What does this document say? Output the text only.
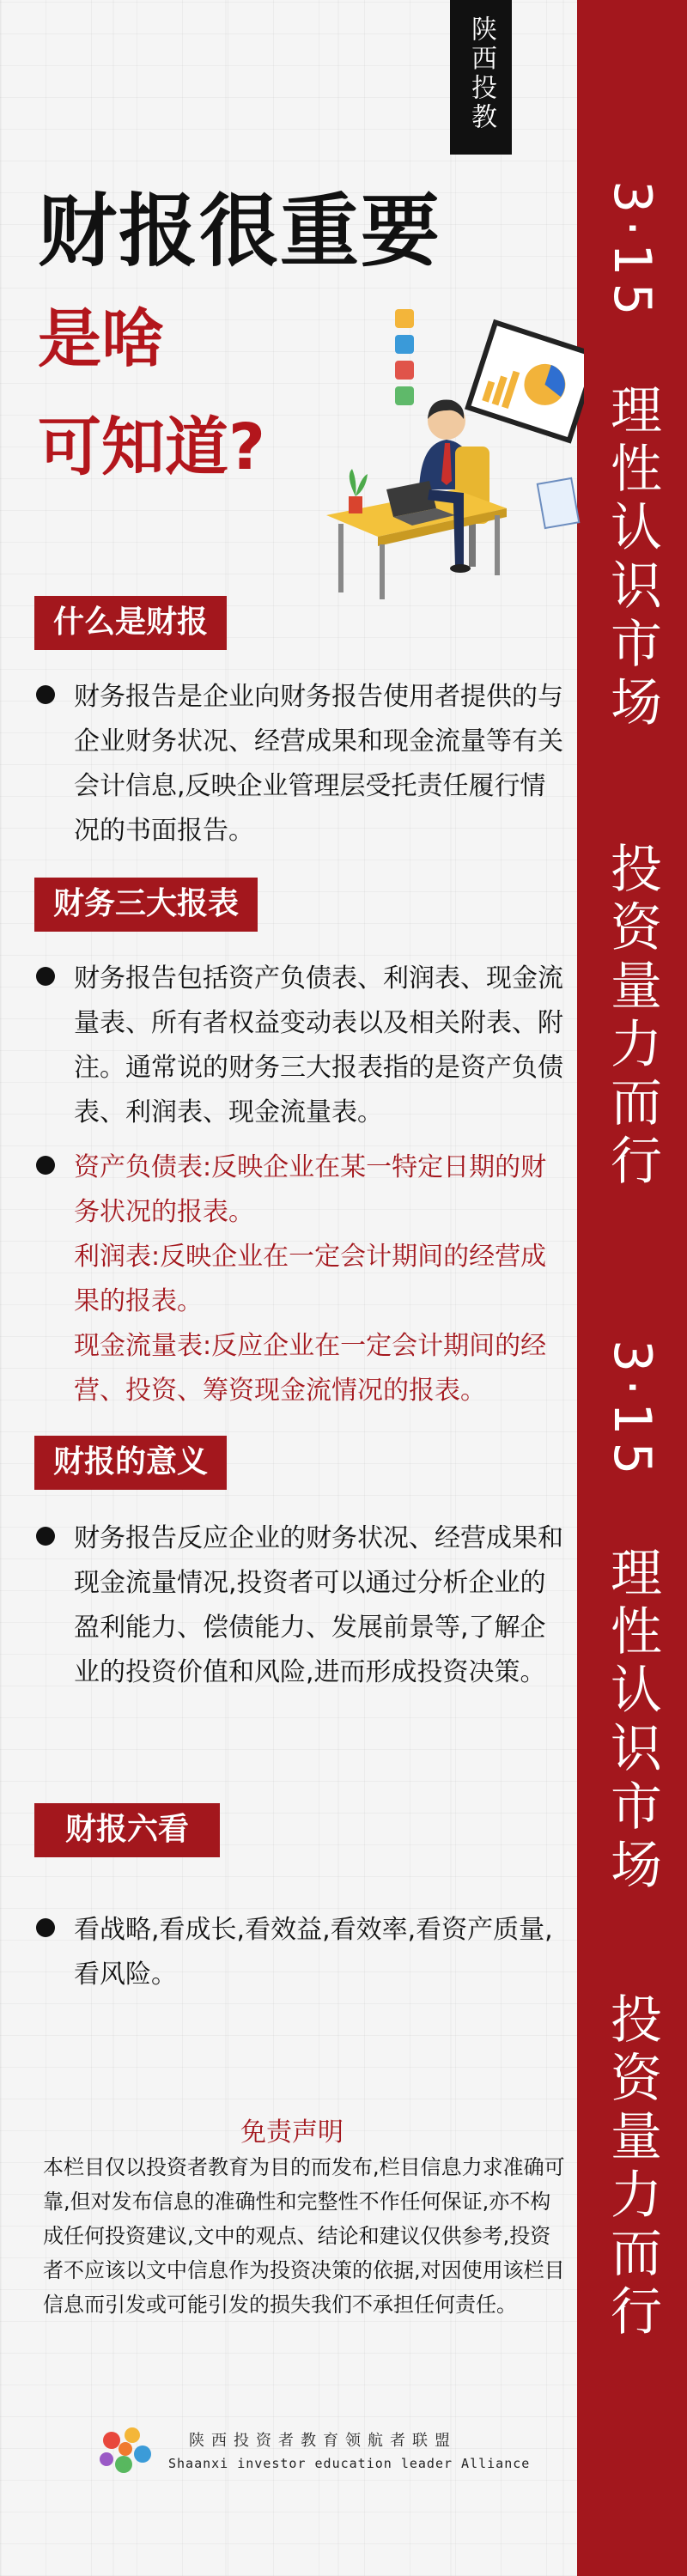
3·15
理性认识市场
投资量力而行
3·15
理性认识市场
投资量力而行
陕西投教
财报很重要
是啥
可知道?
什么是财报
财务报告是企业向财务报告使用者提供的与企业财务状况、经营成果和现金流量等有关会计信息,反映企业管理层受托责任履行情况的书面报告。
财务三大报表
财务报告包括资产负债表、利润表、现金流量表、所有者权益变动表以及相关附表、附注。通常说的财务三大报表指的是资产负债表、利润表、现金流量表。
资产负债表:反映企业在某一特定日期的财务状况的报表。
利润表:反映企业在一定会计期间的经营成果的报表。
现金流量表:反应企业在一定会计期间的经营、投资、筹资现金流情况的报表。
财报的意义
财务报告反应企业的财务状况、经营成果和现金流量情况,投资者可以通过分析企业的盈利能力、偿债能力、发展前景等,了解企业的投资价值和风险,进而形成投资决策。
财报六看
看战略,看成长,看效益,看效率,看资产质量,看风险。
免责声明
本栏目仅以投资者教育为目的而发布,栏目信息力求准确可靠,但对发布信息的准确性和完整性不作任何保证,亦不构成任何投资建议,文中的观点、结论和建议仅供参考,投资者不应该以文中信息作为投资决策的依据,对因使用该栏目信息而引发或可能引发的损失我们不承担任何责任。
陕西投资者教育领航者联盟
Shaanxi investor education leader Alliance
